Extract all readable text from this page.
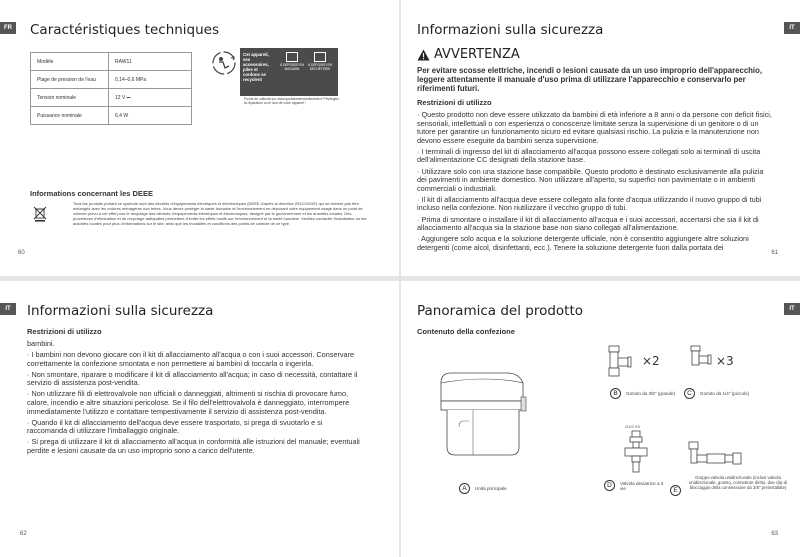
FR Caractéristiques techniques
Modèle	RAW11
Plage de pression de l'eau	0,14–0,6 MPa
Tension nominale	12 V ⎓
Puissance nominale	6,4 W
Cet appareil, ses accessoires, piles et cordons se recyclent
À DÉPOSER EN MAGASIN
À DÉPOSER EN DÉCHÈTERIE
Points de collecte sur www.quefairedemesdechets.fr Privilégiez la réparation ou le don de votre appareil !
Informations concernant les DEEE
Tous les produits portant ce symbole sont des déchets d'équipements électriques et électroniques (DEEE d'après la directive 2012/19/UE) qui ne doivent pas être mélangés avec les ordures ménagères non triées. Vous devez protéger la santé humaine et l'environnement en déposant votre équipement usagé dans un point de collecte prévu à cet effet pour le recyclage des déchets d'équipements électriques et électroniques, désigné par le gouvernement et les autorités locales. Des procédures d'élimination et de recyclage adéquates permettent d'éviter les effets nocifs sur l'environnement et la santé humaine. Veuillez contacter l'installateur ou les autorités locales pour plus d'informations sur le site, ainsi que les modalités et conditions des points de collecte de ce type.
60
IT
Informazioni sulla sicurezza
AVVERTENZA
Per evitare scosse elettriche, incendi o lesioni causate da un uso improprio dell'apparecchio, leggere attentamente il manuale d'uso prima di utilizzare l'apparecchio e conservarlo per riferimenti futuri.
Restrizioni di utilizzo

· Questo prodotto non deve essere utilizzato da bambini di età inferiore a 8 anni o da persone con deficit fisici, sensoriali, intellettuali o con esperienza o conoscenze limitate senza la supervisione di un genitore o di un tutore per garantire un funzionamento sicuro ed evitare qualsiasi rischio. La pulizia e la manutenzione non devono essere eseguite da bambini senza supervisione.

· I terminali di ingresso del kit di allacciamento all'acqua possono essere collegati solo ai terminali di uscita dell'alimentazione CC designati della stazione base.

· Utilizzare solo con una stazione base compatibile. Questo prodotto è destinato esclusivamente alla pulizia dei pavimenti in ambiente domestico. Non utilizzare all'aperto, su superfici non pavimentate o in ambienti commerciali o industriali.

· Il kit di allacciamento all'acqua deve essere collegato alla fonte d'acqua utilizzando il nuovo gruppo di tubi incluso nella confezione. Non riutilizzare il vecchio gruppo di tubi.

· Prima di smontare o installare il kit di allacciamento all'acqua e i suoi accessori, accertarsi che sia il kit di allacciamento all'acqua sia la stazione base non siano collegati all'alimentazione.

· Aggiungere solo acqua e la soluzione detergente ufficiale, non è consentito aggiungere altre soluzioni detergenti (come alcol, disinfettanti, ecc.). Tenere la soluzione detergente fuori dalla portata dei

61
IT	Informazioni sulla sicurezza
Restrizioni di utilizzo

bambini.

· I bambini non devono giocare con il kit di allacciamento all'acqua o con i suoi accessori. Conservare correttamente la confezione smontata e non permettere ai bambini di toccarla o ingerirla.

· Non smontare, riparare o modificare il kit di allacciamento all'acqua; in caso di necessità, contattare il servizio di assistenza post-vendita.

· Non utilizzare fili di elettrovalvole non ufficiali o danneggiati, altrimenti si rischia di provocare fumo, calore, incendio e altre situazioni pericolose. Se il filo dell'elettrovalvola è danneggiato, interrompere immediatamente l'utilizzo e contattare tempestivamente il servizio di assistenza post-vendita.

· Quando il kit di allacciamento dell'acqua deve essere trasportato, si prega di svuotarlo e si raccomanda di utilizzare l'imballaggio originale.

· Si prega di utilizzare il kit di allacciamento all'acqua in conformità alle istruzioni del manuale; eventuali perdite e lesioni causate da un uso improprio sono a carico dell'utente.

62
IT
Panoramica del prodotto
Contenuto della confezione
A	Unità principale
×2
B	Gomito da 3/8" (grande)
×3
C	Gomito da 1/4" (piccolo)
G1/2 X3
D	Valvola deviatrice a 3 vie	E
Gruppo valvola unidirezionale (inclusi valvola unidirezionale, gomito, connettore diritto, due clip di bloccaggio della connessione da 3/8" preinstallate)
63
